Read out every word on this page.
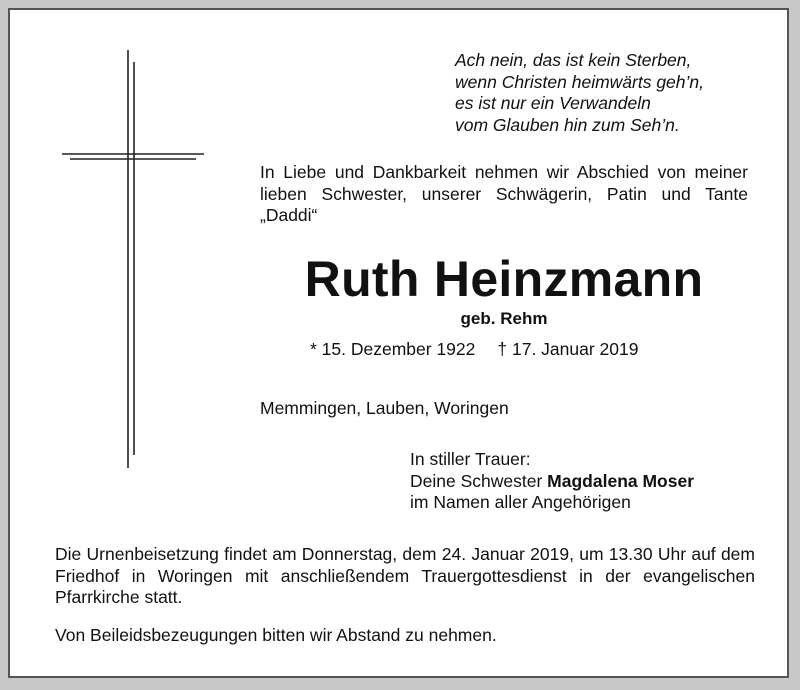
Ach nein, das ist kein Sterben,
wenn Christen heimwärts geh’n,
es ist nur ein Verwandeln
vom Glauben hin zum Seh’n.
In Liebe und Dankbarkeit nehmen wir Abschied von meiner lieben Schwester, unserer Schwägerin, Patin und Tante „Daddi“
Ruth Heinzmann
geb. Rehm
* 15. Dezember 1922 † 17. Januar 2019
Memmingen, Lauben, Woringen
In stiller Trauer:
Deine Schwester Magdalena Moser
im Namen aller Angehörigen
Die Urnenbeisetzung findet am Donnerstag, dem 24. Januar 2019, um 13.30 Uhr auf dem Friedhof in Woringen mit anschließendem Trauergottesdienst in der evangelischen Pfarrkirche statt.
Von Beileidsbezeugungen bitten wir Abstand zu nehmen.
